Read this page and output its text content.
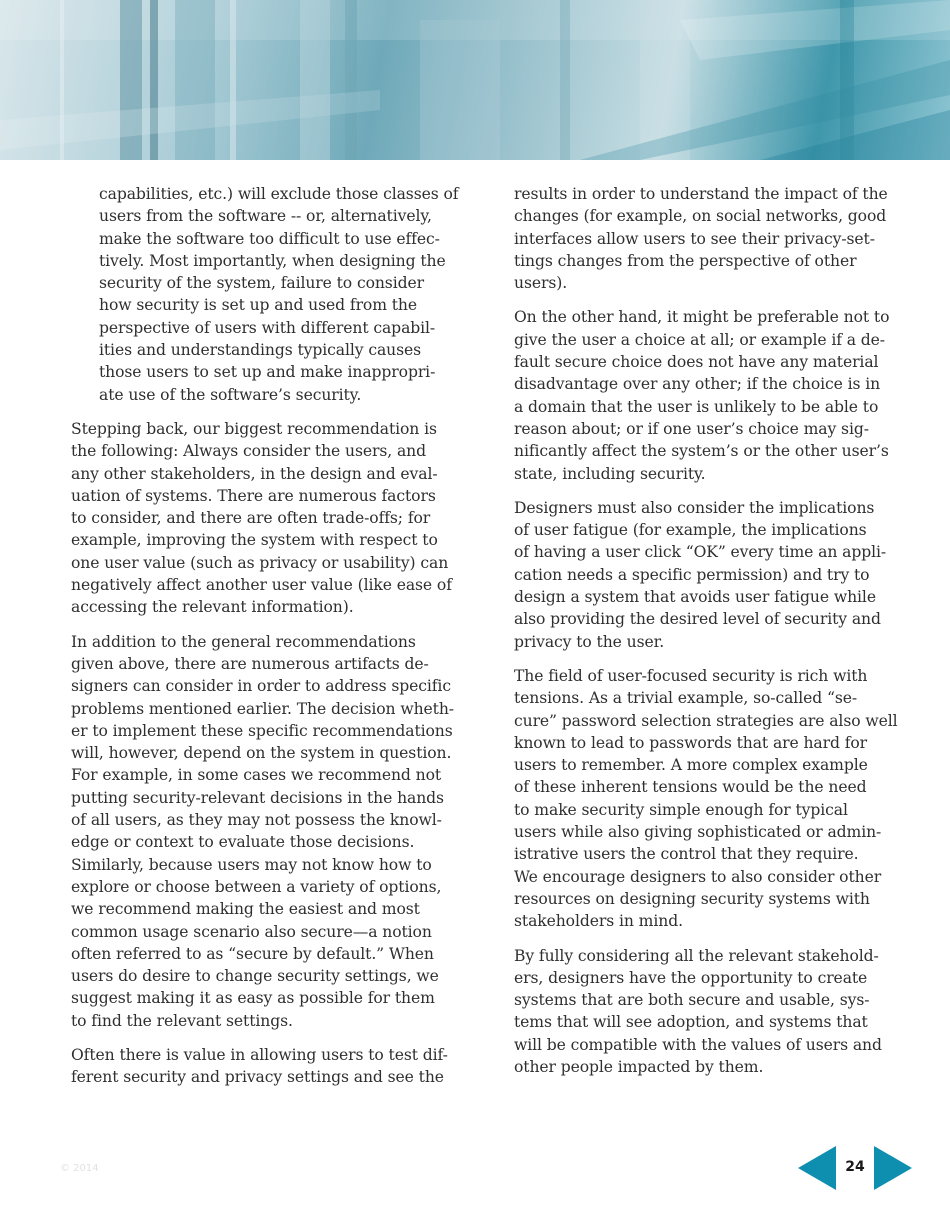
capabilities, etc.) will exclude those classes of
users from the software -- or, alternatively,
make the software too difficult to use effec-
tively. Most importantly, when designing the
security of the system, failure to consider
how security is set up and used from the
perspective of users with different capabil-
ities and understandings typically causes
those users to set up and make inappropri-
ate use of the software’s security.

Stepping back, our biggest recommendation is
the following: Always consider the users, and
any other stakeholders, in the design and eval-
uation of systems. There are numerous factors
to consider, and there are often trade-offs; for
example, improving the system with respect to
one user value (such as privacy or usability) can
negatively affect another user value (like ease of
accessing the relevant information).

In addition to the general recommendations
given above, there are numerous artifacts de-
signers can consider in order to address specific
problems mentioned earlier. The decision wheth-
er to implement these specific recommendations
will, however, depend on the system in question.
For example, in some cases we recommend not
putting security-relevant decisions in the hands
of all users, as they may not possess the knowl-
edge or context to evaluate those decisions.
Similarly, because users may not know how to
explore or choose between a variety of options,
we recommend making the easiest and most
common usage scenario also secure—a notion
often referred to as “secure by default.” When
users do desire to change security settings, we
suggest making it as easy as possible for them
to find the relevant settings.

Often there is value in allowing users to test dif-
ferent security and privacy settings and see the

results in order to understand the impact of the
changes (for example, on social networks, good
interfaces allow users to see their privacy-set-
tings changes from the perspective of other
users).

On the other hand, it might be preferable not to
give the user a choice at all; or example if a de-
fault secure choice does not have any material
disadvantage over any other; if the choice is in
a domain that the user is unlikely to be able to
reason about; or if one user’s choice may sig-
nificantly affect the system’s or the other user’s
state, including security.

Designers must also consider the implications
of user fatigue (for example, the implications
of having a user click “OK” every time an appli-
cation needs a specific permission) and try to
design a system that avoids user fatigue while
also providing the desired level of security and
privacy to the user.

The field of user-focused security is rich with
tensions. As a trivial example, so-called “se-
cure” password selection strategies are also well
known to lead to passwords that are hard for
users to remember. A more complex example
of these inherent tensions would be the need
to make security simple enough for typical
users while also giving sophisticated or admin-
istrative users the control that they require.
We encourage designers to also consider other
resources on designing security systems with
stakeholders in mind.

By fully considering all the relevant stakehold-
ers, designers have the opportunity to create
systems that are both secure and usable, sys-
tems that will see adoption, and systems that
will be compatible with the values of users and
other people impacted by them.

© 2014	24
